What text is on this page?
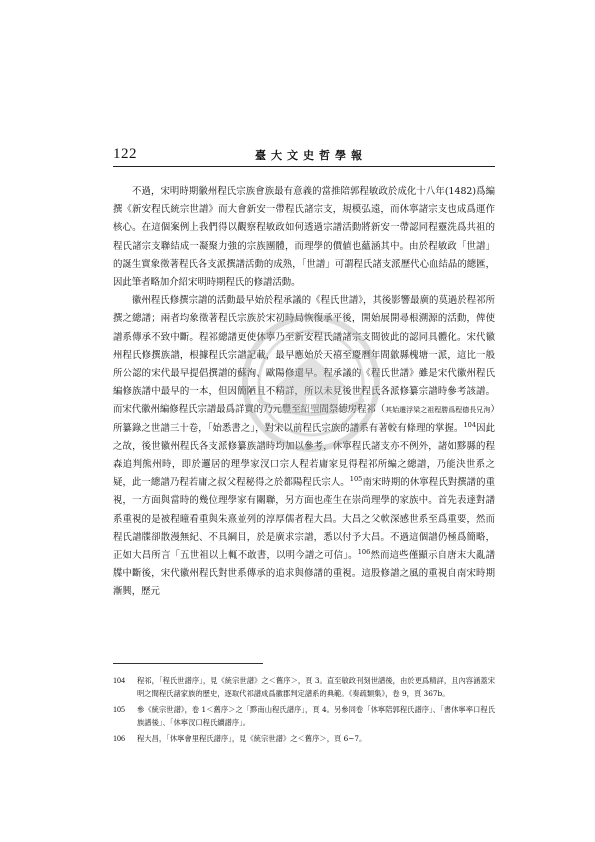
122	臺大文史哲學報

不過，宋明時期徽州程氏宗族會族最有意義的當推陪郭程敏政於成化十八年(1482)爲編撰《新安程氏統宗世譜》而大會新安一帶程氏諸宗支，規模弘遠，而休寧諸宗支也成爲運作核心。在這個案例上我們得以觀察程敏政如何透過宗譜活動將新安一帶認同程靈洗爲共祖的程氏諸宗支聯結成一凝聚力強的宗族團體，而理學的價値也蘊涵其中。由於程敏政「世譜」的誕生實象徵著程氏各支派撰譜活動的成熟，「世譜」可謂程氏諸支派歷代心血結晶的總匯，因此筆者略加介紹宋明時期程氏的修譜活動。

徽州程氏修撰宗譜的活動最早始於程承議的《程氏世譜》，其後影響最廣的莫過於程祁所撰之總譜；兩者均象徵著程氏宗族於宋初時局恢復承平後，開始展開尋根溯源的活動，俾使譜系傳承不致中斷。程祁總譜更使休寧乃至新安程氏譜諸宗支間彼此的認同具體化。宋代徽州程氏修撰族譜，根據程氏宗譜記載，最早應始於天禧至慶曆年間歙縣槐塘一派，這比一般所公認的宋代最早提倡撰譜的蘇洵、歐陽修還早。程承議的《程氏世譜》雖是宋代徽州程氏編修族譜中最早的一本，但因簡陋且不精詳，所以未見後世程氏各派修纂宗譜時參考該譜。而宋代徽州編修程氏宗譜最爲詳實的乃元豐至紹聖間祭德房程祁（其始遷浮梁之祖程勝爲程德長兄洵）所纂錄之世譜三十卷，「始悉書之」，對宋以前程氏宗族的譜系有著較有條理的掌握。$^{104}$因此之故，後世徽州程氏各支派修纂族譜時均加以參考，休寧程氏諸支亦不例外，諸如黟縣的程森追判熊州時，即於邏居的理學家汊口宗人程若庸家見得程祁所編之總譜，乃能決世系之疑，此一總譜乃程若庸之叔父程秘得之於都陽程氏宗人。$^{105}$南宋時期的休寧程氏對撰譜的重視，一方面與當時的幾位理學家有關聯，另方面也產生在崇尚理學的家族中。首先表達對譜系重視的是被程曈看重與朱熹並列的淳厚儒者程大昌。大昌之父軟深感世系至爲重要，然而程氏譜牒卻散漫無紀、不具綱目，於是廣求宗譜，悉以付予大昌。不過這個譜仍極爲簡略，正如大昌所言「五世祖以上輒不敢書，以明今譜之可信」。$^{106}$然而這些僅顯示自唐末大亂譜牒中斷後，宋代徽州程氏對世系傳承的追求與修譜的重視。這股修譜之風的重視自南宋時期漸興，歷元

104 程祁，「程氏世譜序」，見《統宗世譜》之＜舊序＞，頁 3。直至敏政刊刻世譜後，由於更爲精詳，且內容涵蓋宋明之間程氏諸家族的歷史，逐取代祁譜成爲徽郡判定譜系的典範。《奏疏類集》，卷 9，頁 367b。
105 參《統宗世譜》，卷 1＜舊序＞之「黟南山程氏譜序」，頁 4。另參同卷「休寧陪郭程氏譜序」、「書休寧率口程氏族譜後」、「休寧汊口程氏續譜序」。
106 程大昌，「休寧會里程氏譜序」，見《統宗世譜》之＜舊序＞，頁 6~7。
